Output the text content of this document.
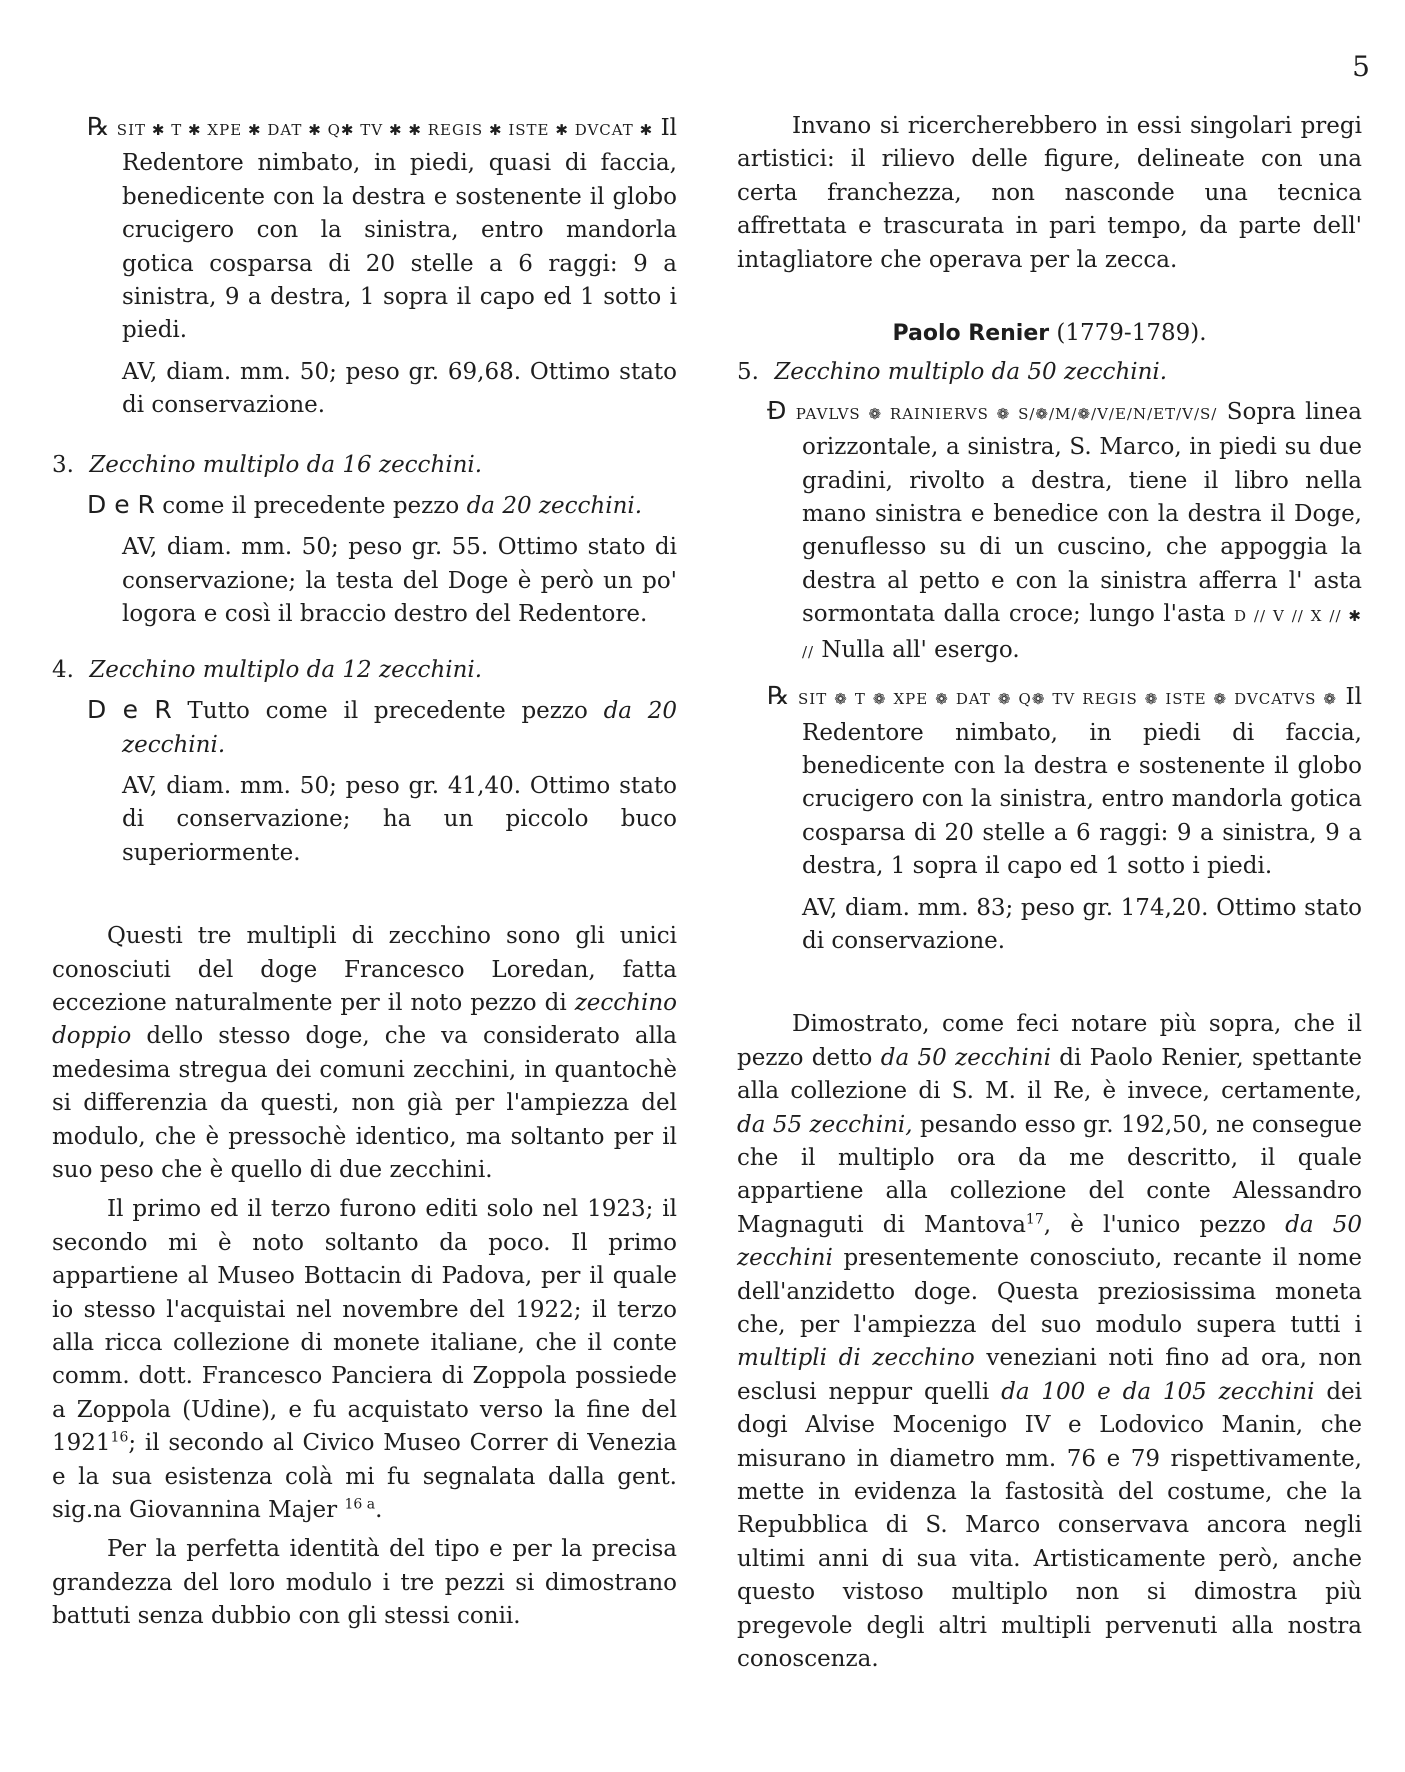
5

℞ SIT ✱ T ✱ XPE ✱ DAT ✱ Q✱ TV ✱ ✱ REGIS ✱ ISTE ✱ DVCAT ✱ Il Redentore nimbato, in piedi, quasi di faccia, benedicente con la destra e sostenente il globo crucigero con la sinistra, entro mandorla gotica cosparsa di 20 stelle a 6 raggi: 9 a sinistra, 9 a destra, 1 sopra il capo ed 1 sotto i piedi.

AV, diam. mm. 50; peso gr. 69,68. Ottimo stato di conservazione.

3. Zecchino multiplo da 16 zecchini.

D e R come il precedente pezzo da 20 zecchini.

AV, diam. mm. 50; peso gr. 55. Ottimo stato di conservazione; la testa del Doge è però un po' logora e così il braccio destro del Redentore.

4. Zecchino multiplo da 12 zecchini.

D e R Tutto come il precedente pezzo da 20 zecchini.

AV, diam. mm. 50; peso gr. 41,40. Ottimo stato di conservazione; ha un piccolo buco superiormente.

Questi tre multipli di zecchino sono gli unici conosciuti del doge Francesco Loredan, fatta eccezione naturalmente per il noto pezzo di zecchino doppio dello stesso doge, che va considerato alla medesima stregua dei comuni zecchini, in quantochè si differenzia da questi, non già per l'ampiezza del modulo, che è pressochè identico, ma soltanto per il suo peso che è quello di due zecchini.

Il primo ed il terzo furono editi solo nel 1923; il secondo mi è noto soltanto da poco. Il primo appartiene al Museo Bottacin di Padova, per il quale io stesso l'acquistai nel novembre del 1922; il terzo alla ricca collezione di monete italiane, che il conte comm. dott. Francesco Panciera di Zoppola possiede a Zoppola (Udine), e fu acquistato verso la fine del 1921$^{16}$; il secondo al Civico Museo Correr di Venezia e la sua esistenza colà mi fu segnalata dalla gent. sig.na Giovannina Majer $^{16 a}$.

Per la perfetta identità del tipo e per la precisa grandezza del loro modulo i tre pezzi si dimostrano battuti senza dubbio con gli stessi conii.

Invano si ricercherebbero in essi singolari pregi artistici: il rilievo delle figure, delineate con una certa franchezza, non nasconde una tecnica affrettata e trascurata in pari tempo, da parte dell' intagliatore che operava per la zecca.

Paolo Renier (1779-1789).

5. Zecchino multiplo da 50 zecchini.

Đ PAVLVS ❁ RAINIERVS ❁ S/❁/M/❁/V/E/N/ET/V/S/ Sopra linea orizzontale, a sinistra, S. Marco, in piedi su due gradini, rivolto a destra, tiene il libro nella mano sinistra e benedice con la destra il Doge, genuflesso su di un cuscino, che appoggia la destra al petto e con la sinistra afferra l' asta sormontata dalla croce; lungo l'asta D // V // X // ✱ // Nulla all' esergo.

℞ SIT ❁ T ❁ XPE ❁ DAT ❁ Q❁ TV REGIS ❁ ISTE ❁ DVCATVS ❁ Il Redentore nimbato, in piedi di faccia, benedicente con la destra e sostenente il globo crucigero con la sinistra, entro mandorla gotica cosparsa di 20 stelle a 6 raggi: 9 a sinistra, 9 a destra, 1 sopra il capo ed 1 sotto i piedi.

AV, diam. mm. 83; peso gr. 174,20. Ottimo stato di conservazione.

Dimostrato, come feci notare più sopra, che il pezzo detto da 50 zecchini di Paolo Renier, spettante alla collezione di S. M. il Re, è invece, certamente, da 55 zecchini, pesando esso gr. 192,50, ne consegue che il multiplo ora da me descritto, il quale appartiene alla collezione del conte Alessandro Magnaguti di Mantova$^{17}$, è l'unico pezzo da 50 zecchini presentemente conosciuto, recante il nome dell'anzidetto doge. Questa preziosissima moneta che, per l'ampiezza del suo modulo supera tutti i multipli di zecchino veneziani noti fino ad ora, non esclusi neppur quelli da 100 e da 105 zecchini dei dogi Alvise Mocenigo IV e Lodovico Manin, che misurano in diametro mm. 76 e 79 rispettivamente, mette in evidenza la fastosità del costume, che la Repubblica di S. Marco conservava ancora negli ultimi anni di sua vita. Artisticamente però, anche questo vistoso multiplo non si dimostra più pregevole degli altri multipli pervenuti alla nostra conoscenza.
